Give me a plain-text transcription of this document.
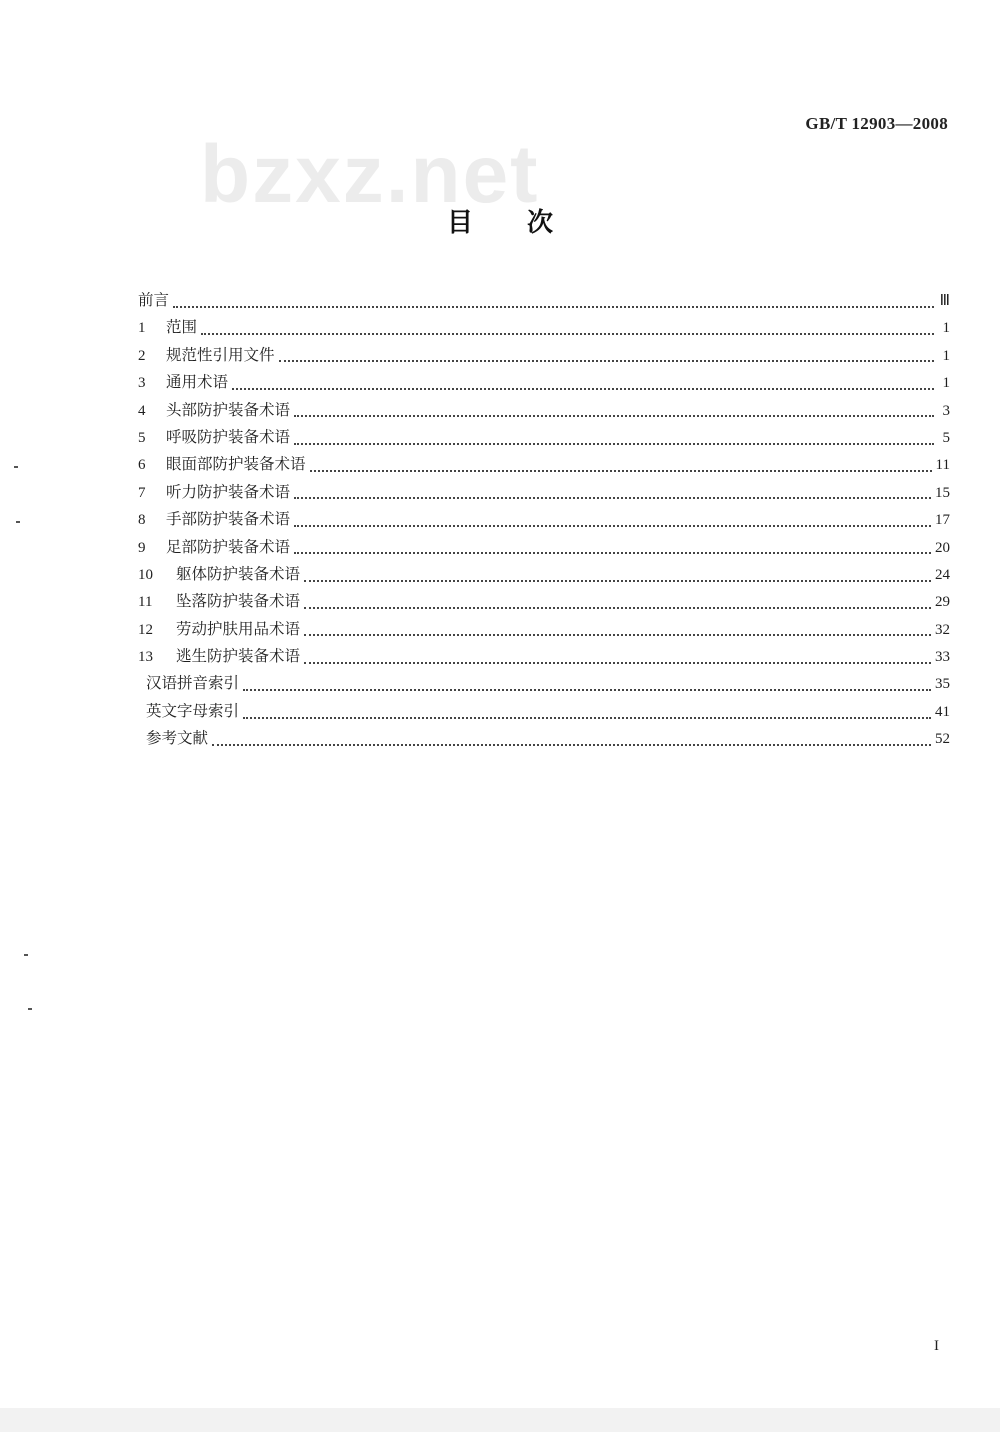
GB/T 12903—2008
bzxz.net
目次
前言	Ⅲ
1	范围	1
2	规范性引用文件	1
3	通用术语	1
4	头部防护装备术语	3
5	呼吸防护装备术语	5
6	眼面部防护装备术语	11
7	听力防护装备术语	15
8	手部防护装备术语	17
9	足部防护装备术语	20
10	躯体防护装备术语	24
11	坠落防护装备术语	29
12	劳动护肤用品术语	32
13	逃生防护装备术语	33
汉语拼音索引	35
英文字母索引	41
参考文献	52
I
